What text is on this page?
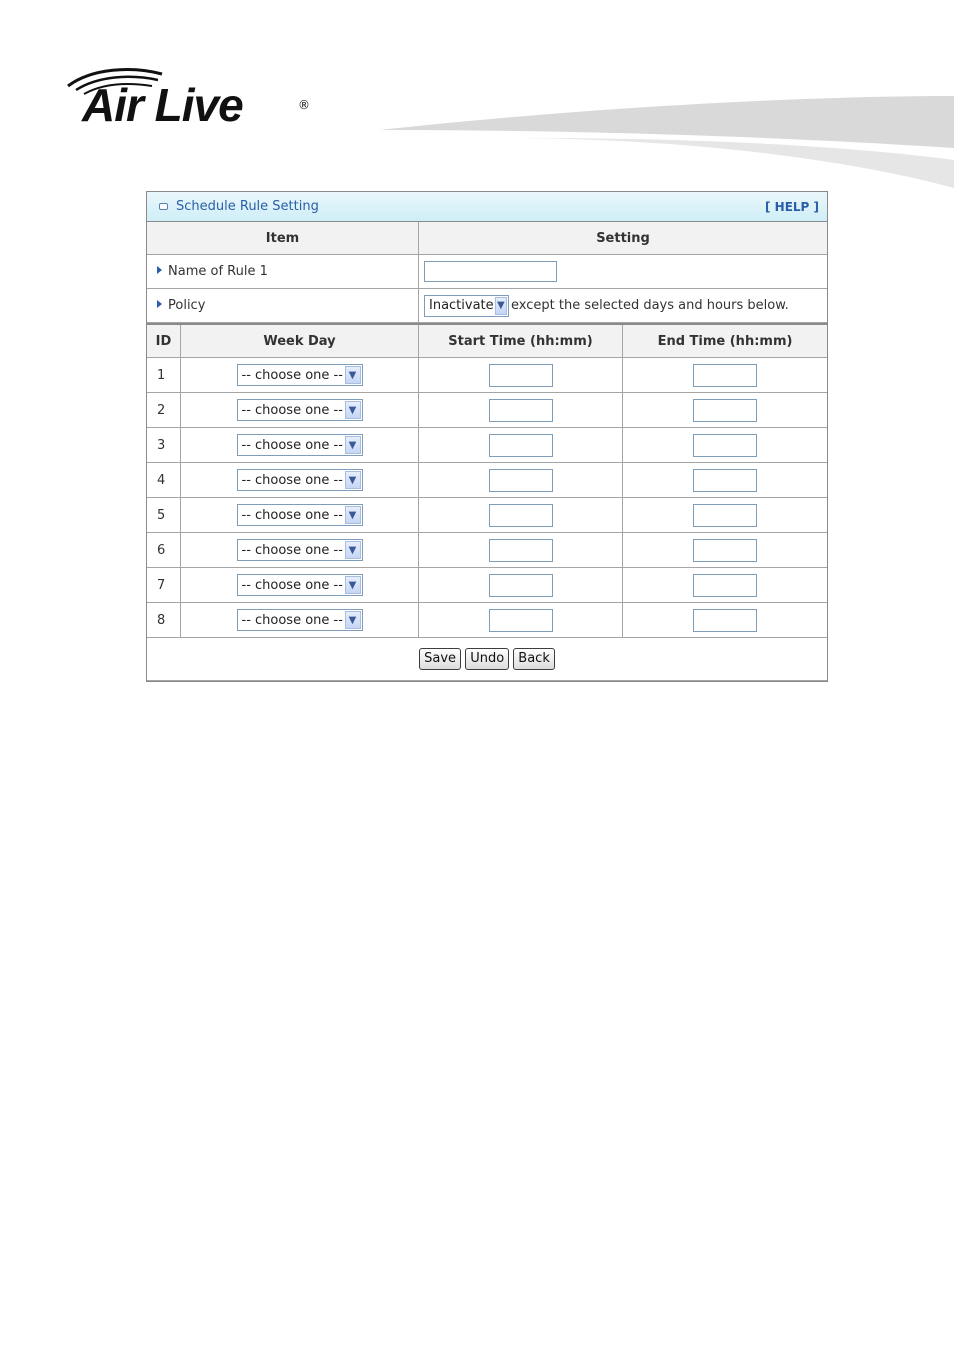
Air Live	®
Schedule Rule Setting	[ HELP ]
Item	Setting
Name of Rule 1	
Policy	Inactivate ▼ except the selected days and hours below.
ID	Week Day	Start Time (hh:mm)	End Time (hh:mm)
1	-- choose one -- ▼

2	-- choose one -- ▼

3	-- choose one -- ▼

4	-- choose one -- ▼

5	-- choose one -- ▼

6	-- choose one -- ▼

7	-- choose one -- ▼

8	-- choose one -- ▼

Save Undo Back			
